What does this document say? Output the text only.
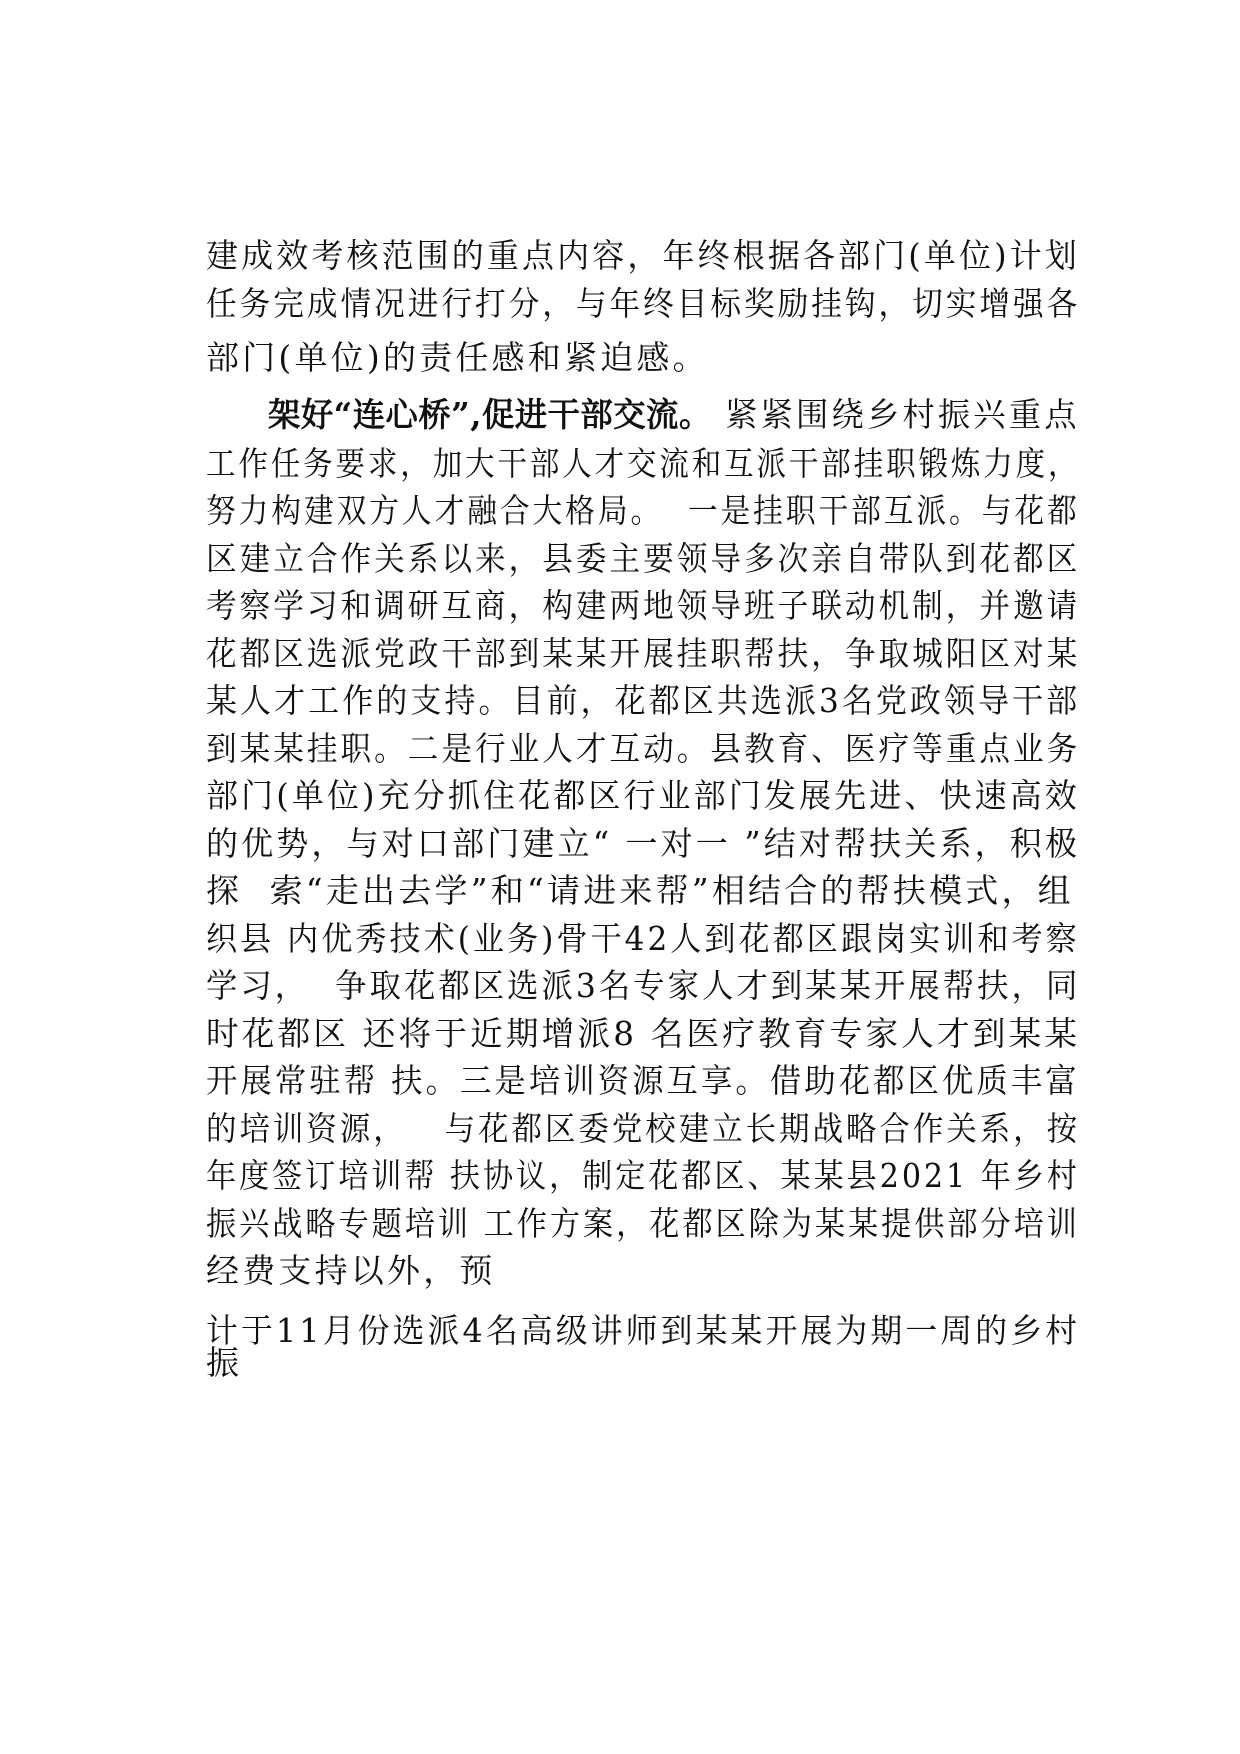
建成效考核范围的重点内容，年终根据各部门(单位)计划
任务完成情况进行打分，与年终目标奖励挂钩，切实增强各
部门(单位)的责任感和紧迫感。
架好“连心桥”,促进干部交流。 紧紧围绕乡村振兴重点
工作任务要求，加大干部人才交流和互派干部挂职锻炼力度，
努力构建双方人才融合大格局。  一是挂职干部互派。与花都
区建立合作关系以来，县委主要领导多次亲自带队到花都区
考察学习和调研互商，构建两地领导班子联动机制，并邀请
花都区选派党政干部到某某开展挂职帮扶，争取城阳区对某
某人才工作的支持。目前，花都区共选派3名党政领导干部
到某某挂职。二是行业人才互动。县教育、医疗等重点业务
部门(单位)充分抓住花都区行业部门发展先进、快速高效
的优势，与对口部门建立“ 一对一 ”结对帮扶关系，积极
探  索“走出去学”和“请进来帮”相结合的帮扶模式，组
织县 内优秀技术(业务)骨干42人到花都区跟岗实训和考察
学习，  争取花都区选派3名专家人才到某某开展帮扶，同
时花都区 还将于近期增派8 名医疗教育专家人才到某某
开展常驻帮 扶。三是培训资源互享。借助花都区优质丰富
的培训资源，   与花都区委党校建立长期战略合作关系，按
年度签订培训帮 扶协议，制定花都区、某某县2021 年乡村
振兴战略专题培训 工作方案，花都区除为某某提供部分培训
经费支持以外，预
计于11月份选派4名高级讲师到某某开展为期一周的乡村
振
